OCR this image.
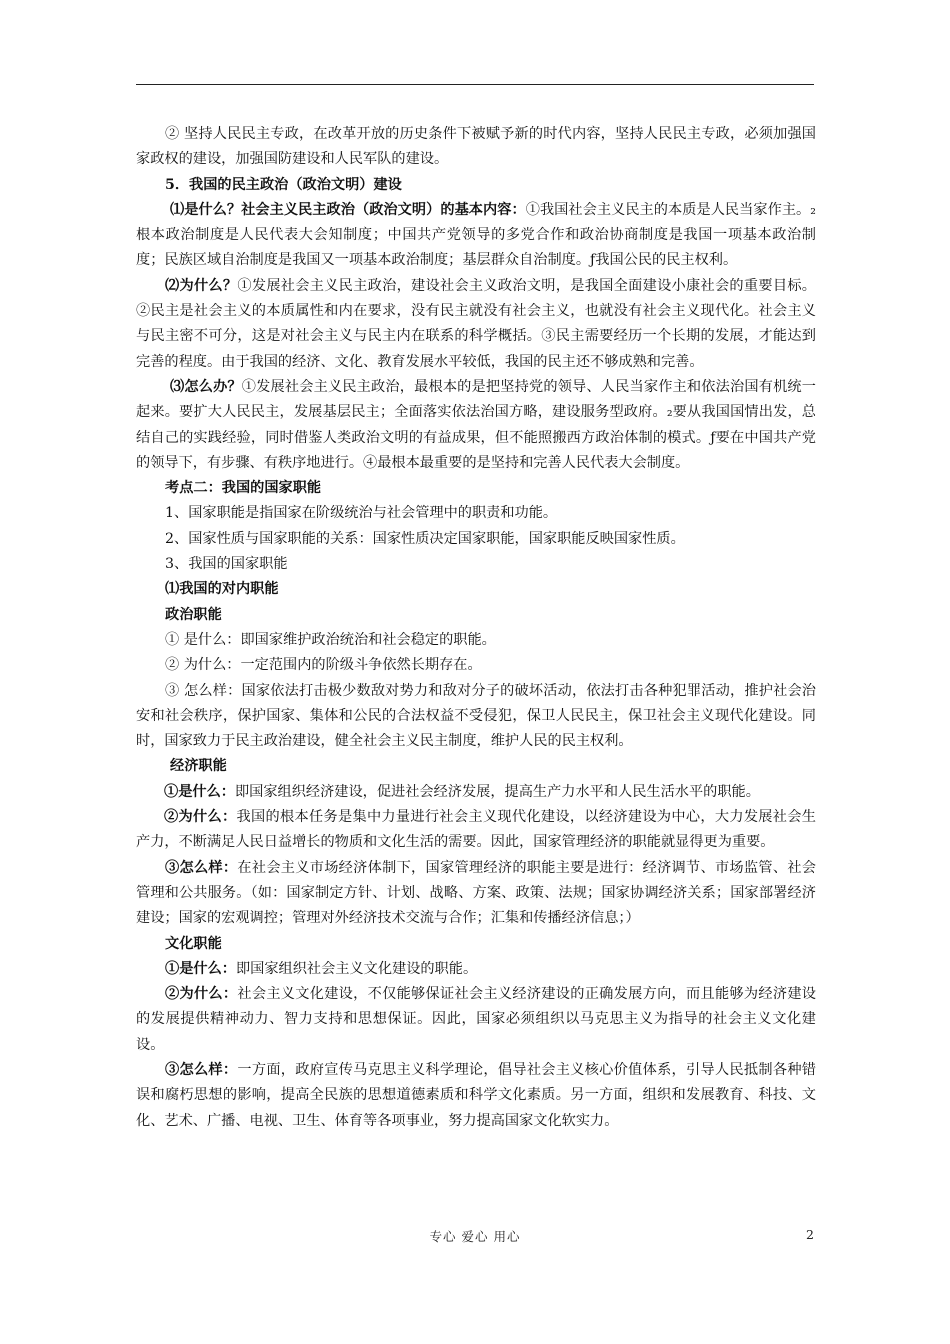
② 坚持人民民主专政，在改革开放的历史条件下被赋予新的时代内容，坚持人民民主专政，必须加强国家政权的建设，加强国防建设和人民军队的建设。

5．我国的民主政治（政治文明）建设

⑴是什么？社会主义民主政治（政治文明）的基本内容：①我国社会主义民主的本质是人民当家作主。₂根本政治制度是人民代表大会知制度；中国共产党领导的多党合作和政治协商制度是我国一项基本政治制度；民族区域自治制度是我国又一项基本政治制度；基层群众自治制度。ƒ我国公民的民主权利。

⑵为什么？①发展社会主义民主政治，建设社会主义政治文明，是我国全面建设小康社会的重要目标。②民主是社会主义的本质属性和内在要求，没有民主就没有社会主义，也就没有社会主义现代化。社会主义与民主密不可分，这是对社会主义与民主内在联系的科学概括。③民主需要经历一个长期的发展，才能达到完善的程度。由于我国的经济、文化、教育发展水平较低，我国的民主还不够成熟和完善。

⑶怎么办？①发展社会主义民主政治，最根本的是把坚持党的领导、人民当家作主和依法治国有机统一起来。要扩大人民民主，发展基层民主；全面落实依法治国方略，建设服务型政府。₂要从我国国情出发，总结自己的实践经验，同时借鉴人类政治文明的有益成果，但不能照搬西方政治体制的模式。ƒ要在中国共产党的领导下，有步骤、有秩序地进行。④最根本最重要的是坚持和完善人民代表大会制度。

考点二：我国的国家职能

1、国家职能是指国家在阶级统治与社会管理中的职责和功能。

2、国家性质与国家职能的关系：国家性质决定国家职能，国家职能反映国家性质。

3、我国的国家职能

⑴我国的对内职能

政治职能

① 是什么：即国家维护政治统治和社会稳定的职能。

② 为什么：一定范围内的阶级斗争依然长期存在。

③ 怎么样：国家依法打击极少数敌对势力和敌对分子的破坏活动，依法打击各种犯罪活动，推护社会治安和社会秩序，保护国家、集体和公民的合法权益不受侵犯，保卫人民民主，保卫社会主义现代化建设。同时，国家致力于民主政治建设，健全社会主义民主制度，维护人民的民主权利。

经济职能

①是什么：即国家组织经济建设，促进社会经济发展，提高生产力水平和人民生活水平的职能。

②为什么：我国的根本任务是集中力量进行社会主义现代化建设，以经济建设为中心，大力发展社会生产力，不断满足人民日益增长的物质和文化生活的需要。因此，国家管理经济的职能就显得更为重要。

③怎么样：在社会主义市场经济体制下，国家管理经济的职能主要是进行：经济调节、市场监管、社会管理和公共服务。（如：国家制定方针、计划、战略、方案、政策、法规；国家协调经济关系；国家部署经济建设；国家的宏观调控；管理对外经济技术交流与合作；汇集和传播经济信息；）

文化职能

①是什么：即国家组织社会主义文化建设的职能。

②为什么：社会主义文化建设，不仅能够保证社会主义经济建设的正确发展方向，而且能够为经济建设的发展提供精神动力、智力支持和思想保证。因此，国家必须组织以马克思主义为指导的社会主义文化建设。

③怎么样：一方面，政府宣传马克思主义科学理论，倡导社会主义核心价值体系，引导人民抵制各种错误和腐朽思想的影响，提高全民族的思想道德素质和科学文化素质。另一方面，组织和发展教育、科技、文化、艺术、广播、电视、卫生、体育等各项事业，努力提高国家文化软实力。

专心 爱心 用心	2
